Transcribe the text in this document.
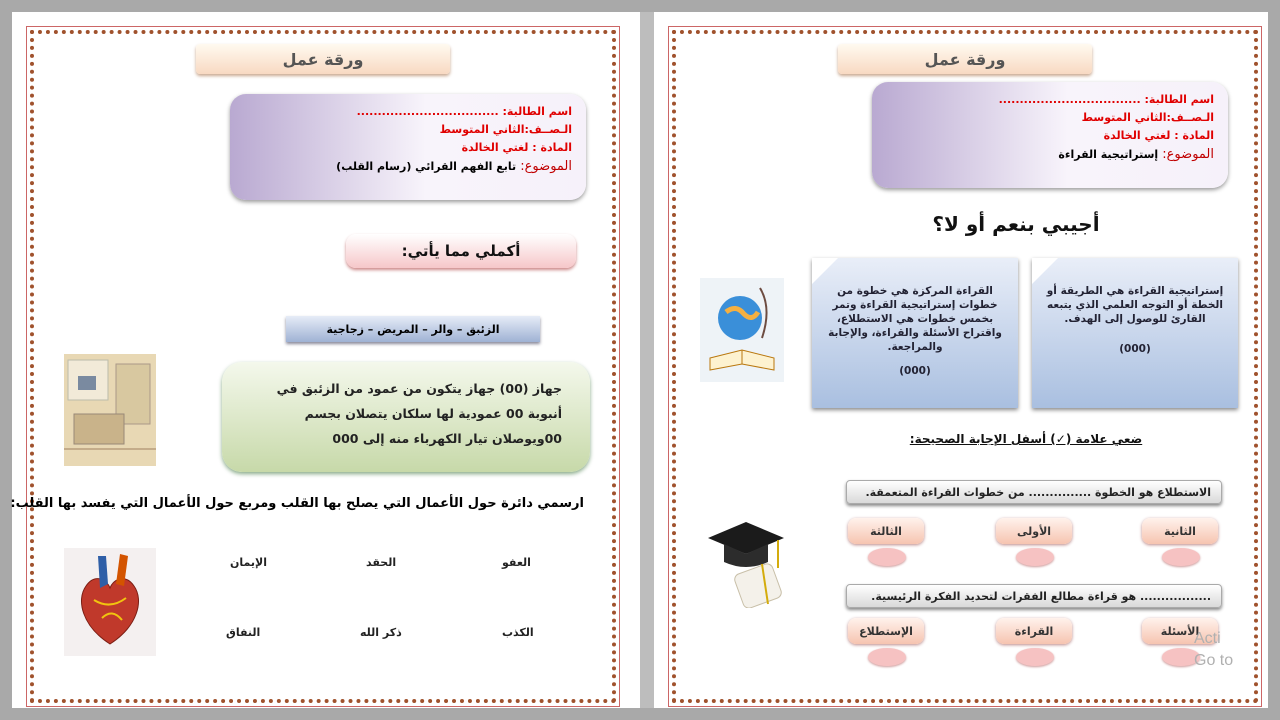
ورقة عمل
اسم الطالبة: ..................................
الـصــف:الثاني المتوسط
المادة : لغتي الخالدة
الموضوع: تابع الفهم القرائي (رسام القلب)
أكملي مما يأتي:
الزئبق – والر – المريض – زجاجية
جهاز (00) جهاز يتكون من عمود من الزئبق في
أنبوبة 00 عمودية لها سلكان يتصلان بجسم
00ويوصلان تيار الكهرباء منه إلى 000
ارسمي دائرة حول الأعمال التي يصلح بها القلب ومربع حول الأعمال التي يفسد بها القلب:
العفو
الحقد
الإيمان
الكذب
ذكر الله
النفاق
ورقة عمل
اسم الطالبة: ..................................
الـصــف:الثاني المتوسط
المادة : لغتي الخالدة
الموضوع: إستراتيجية القراءة
أجيبي بنعم أو لا؟
إستراتيجية القراءة هي الطريقة أو الخطة أو التوجه العلمي الذي يتبعه القارئ للوصول إلى الهدف.
(000)
القراءة المركزة هي خطوة من خطوات إستراتيجية القراءة وتمر بخمس خطوات هي الاستطلاع، واقتراح الأسئلة والقراءة، والإجابة والمراجعة.
(000)
ضعي علامة (✓) أسفل الإجابة الصحيحة:
الاستطلاع هو الخطوة ............... من خطوات القراءة المتعمقة.
الثانية
الأولى
الثالثة
................. هو قراءة مطالع الفقرات لتحديد الفكرة الرئيسية.
الأسئلة
القراءة
الإستطلاع	Acti
Go to
